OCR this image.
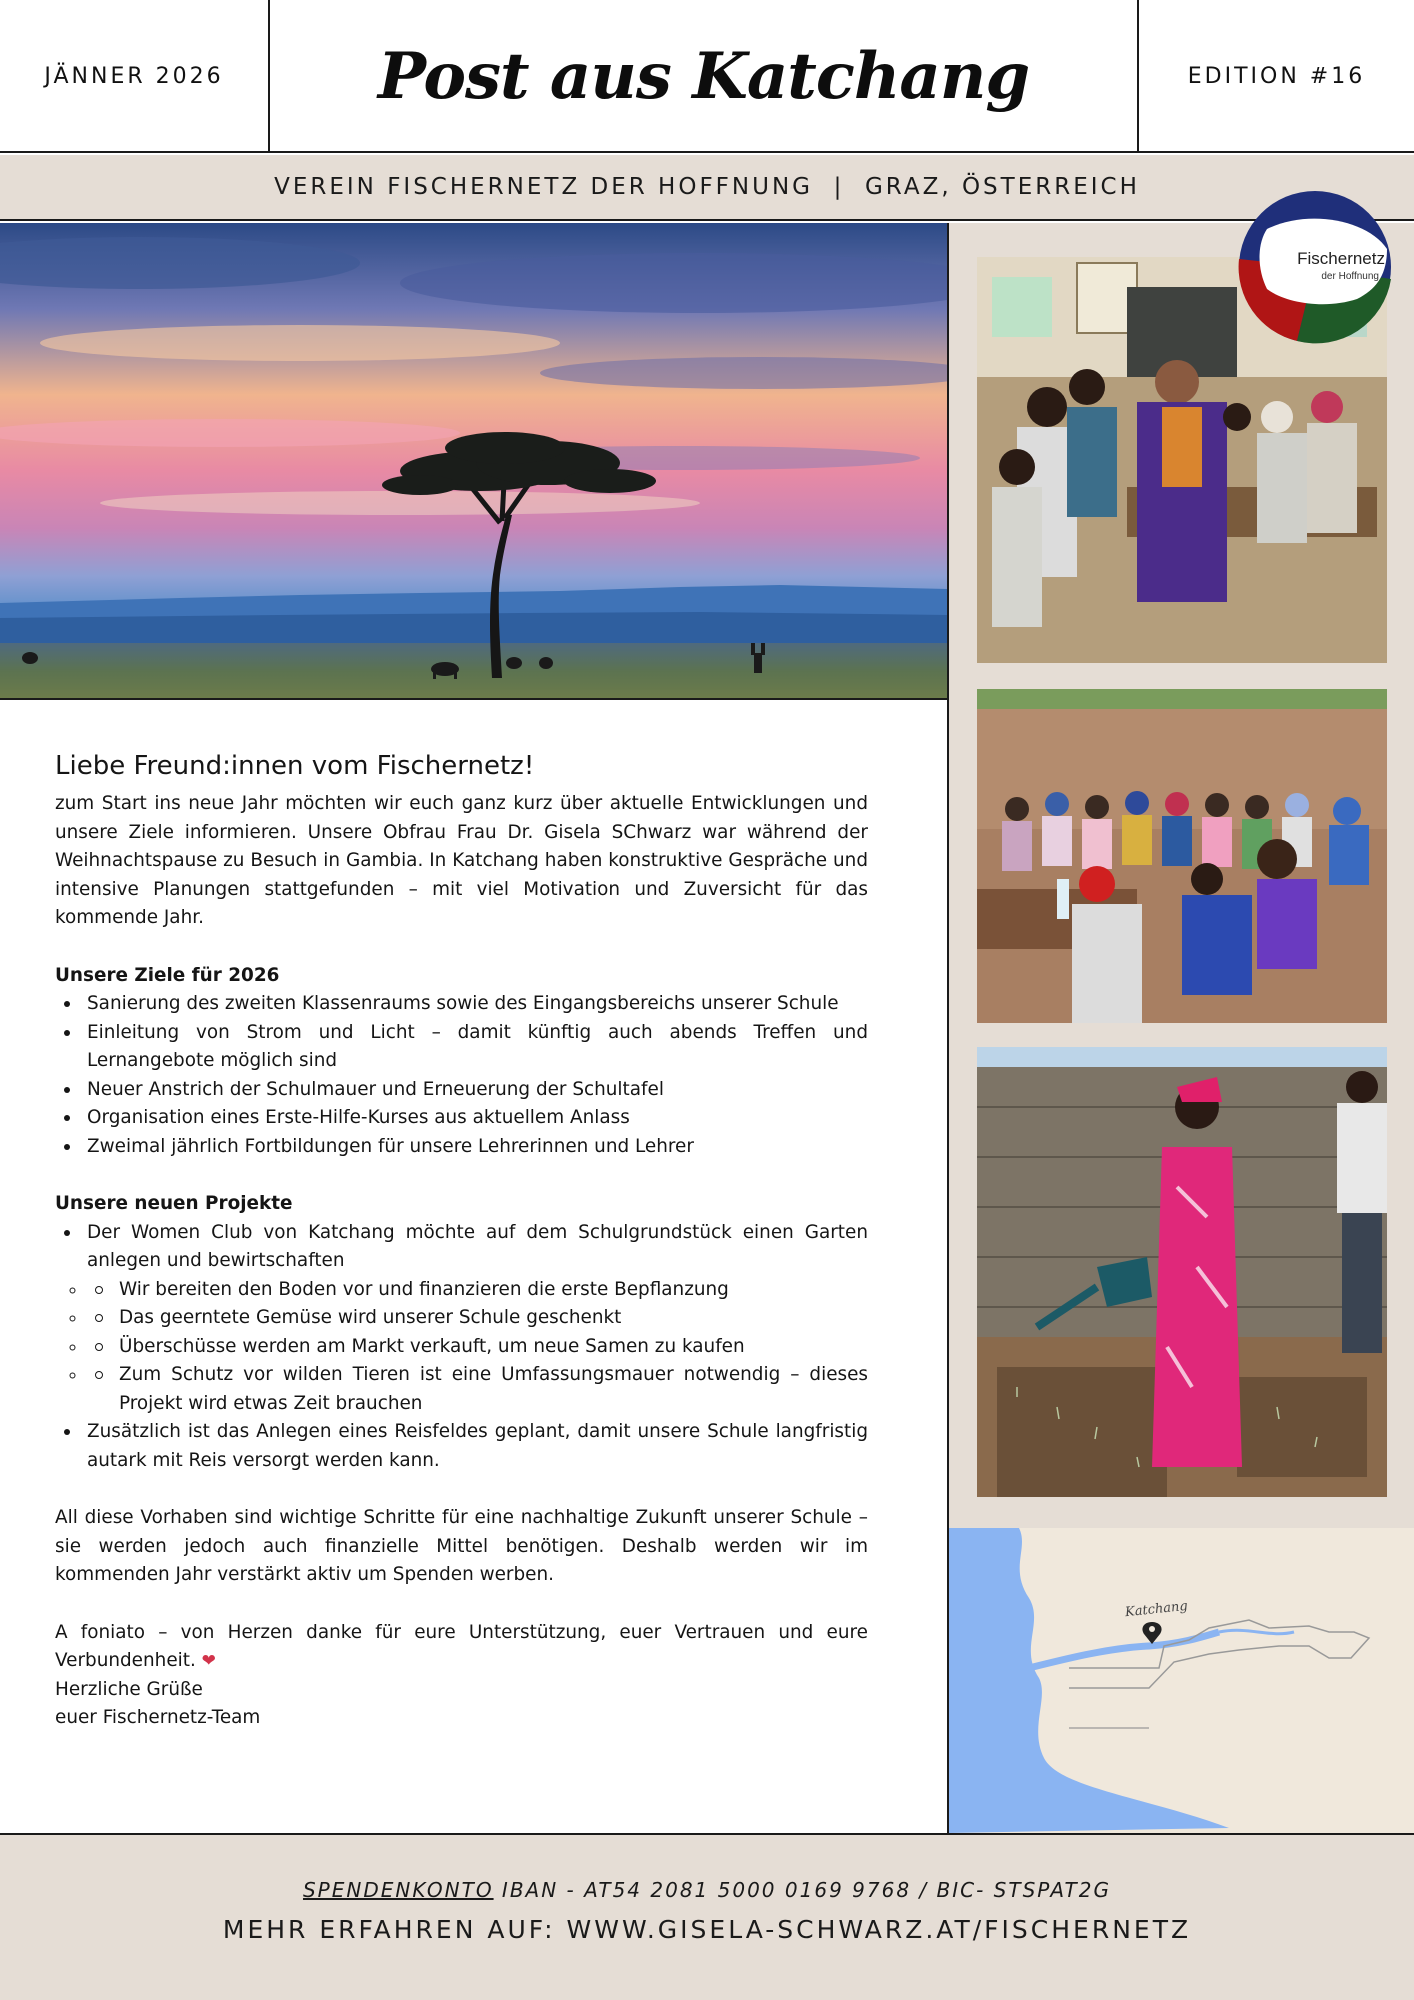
JÄNNER 2026 Post aus Katchang	EDITION #16
VEREIN FISCHERNETZ DER HOFFNUNG  |  GRAZ, ÖSTERREICH
Fischernetz
der Hoffnung
Katchang
Liebe Freund:innen vom Fischernetz!

zum Start ins neue Jahr möchten wir euch ganz kurz über aktuelle Entwicklungen und unsere Ziele informieren. Unsere Obfrau Frau Dr. Gisela SChwarz war während der Weihnachtspause zu Besuch in Gambia. In Katchang haben konstruktive Gespräche und intensive Planungen stattgefunden – mit viel Motivation und Zuversicht für das kommende Jahr.

Unsere Ziele für 2026
Sanierung des zweiten Klassenraums sowie des Eingangsbereichs unserer Schule
Einleitung von Strom und Licht – damit künftig auch abends Treffen und Lernangebote möglich sind
Neuer Anstrich der Schulmauer und Erneuerung der Schultafel
Organisation eines Erste-Hilfe-Kurses aus aktuellem Anlass
Zweimal jährlich Fortbildungen für unsere Lehrerinnen und Lehrer
Unsere neuen Projekte
Der Women Club von Katchang möchte auf dem Schulgrundstück einen Garten anlegen und bewirtschaften
◦ Wir bereiten den Boden vor und finanzieren die erste Bepflanzung
◦ Das geerntete Gemüse wird unserer Schule geschenkt
◦ Überschüsse werden am Markt verkauft, um neue Samen zu kaufen
◦ Zum Schutz vor wilden Tieren ist eine Umfassungsmauer notwendig – dieses Projekt wird etwas Zeit brauchen
Zusätzlich ist das Anlegen eines Reisfeldes geplant, damit unsere Schule langfristig autark mit Reis versorgt werden kann.

All diese Vorhaben sind wichtige Schritte für eine nachhaltige Zukunft unserer Schule – sie werden jedoch auch finanzielle Mittel benötigen. Deshalb werden wir im kommenden Jahr verstärkt aktiv um Spenden werben.

A foniato – von Herzen danke für eure Unterstützung, euer Vertrauen und eure Verbundenheit. ❤

Herzliche Grüße

euer Fischernetz-Team

SPENDENKONTO IBAN - AT54 2081 5000 0169 9768 / BIC- STSPAT2G
MEHR ERFAHREN AUF: WWW.GISELA-SCHWARZ.AT/FISCHERNETZ
